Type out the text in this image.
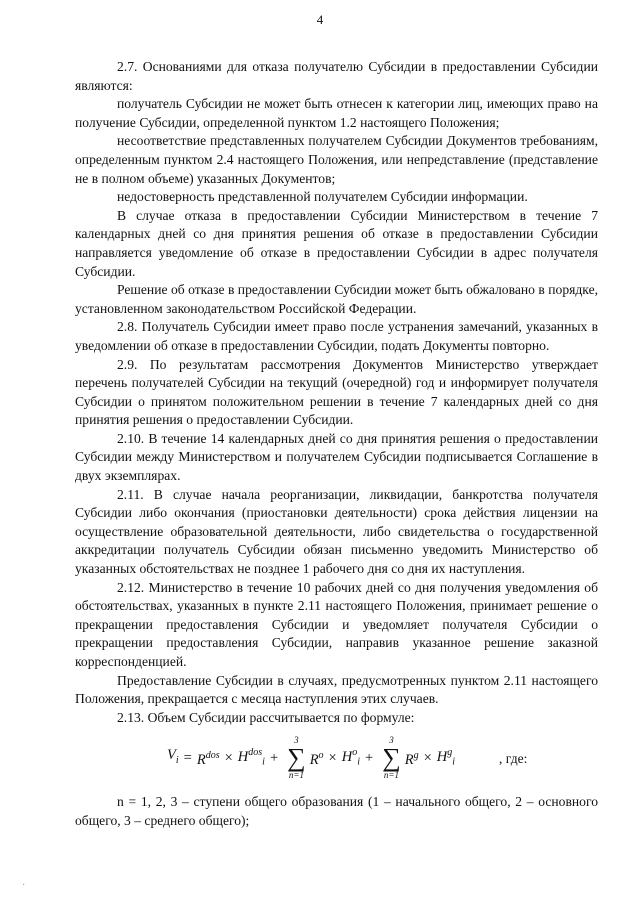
4

2.7. Основаниями для отказа получателю Субсидии в предоставлении Субсидии являются:

получатель Субсидии не может быть отнесен к категории лиц, имеющих право на получение Субсидии, определенной пунктом 1.2 настоящего Положения;

несоответствие представленных получателем Субсидии Документов требованиям, определенным пунктом 2.4 настоящего Положения, или непредставление (представление не в полном объеме) указанных Документов;

недостоверность представленной получателем Субсидии информации.

В случае отказа в предоставлении Субсидии Министерством в течение 7 календарных дней со дня принятия решения об отказе в предоставлении Субсидии направляется уведомление об отказе в предоставлении Субсидии в адрес получателя Субсидии.

Решение об отказе в предоставлении Субсидии может быть обжаловано в порядке, установленном законодательством Российской Федерации.

2.8. Получатель Субсидии имеет право после устранения замечаний, указанных в уведомлении об отказе в предоставлении Субсидии, подать Документы повторно.

2.9. По результатам рассмотрения Документов Министерство утверждает перечень получателей Субсидии на текущий (очередной) год и информирует получателя Субсидии о принятом положительном решении в течение 7 календарных дней со дня принятия решения о предоставлении Субсидии.

2.10. В течение 14 календарных дней со дня принятия решения о предоставлении Субсидии между Министерством и получателем Субсидии подписывается Соглашение в двух экземплярах.

2.11. В случае начала реорганизации, ликвидации, банкротства получателя Субсидии либо окончания (приостановки деятельности) срока действия лицензии на осуществление образовательной деятельности, либо свидетельства о государственной аккредитации получатель Субсидии обязан письменно уведомить Министерство об указанных обстоятельствах не позднее 1 рабочего дня со дня их наступления.

2.12. Министерство в течение 10 рабочих дней со дня получения уведомления об обстоятельствах, указанных в пункте 2.11 настоящего Положения, принимает решение о прекращении предоставления Субсидии и уведомляет получателя Субсидии о прекращении предоставления Субсидии, направив указанное решение заказной корреспонденцией.

Предоставление Субсидии в случаях, предусмотренных пунктом 2.11 настоящего Положения, прекращается с месяца наступления этих случаев.

2.13. Объем Субсидии рассчитывается по формуле:

$V_i = R^{dos} \times H^{dos}_i$ +
3
∑
n=1
$R^o \times H^o_i$ +
3
∑
n=1
$R^g \times H^g_i$	, где:

n = 1, 2, 3 – ступени общего образования (1 – начального общего, 2 – основного общего, 3 – среднего общего);

·
